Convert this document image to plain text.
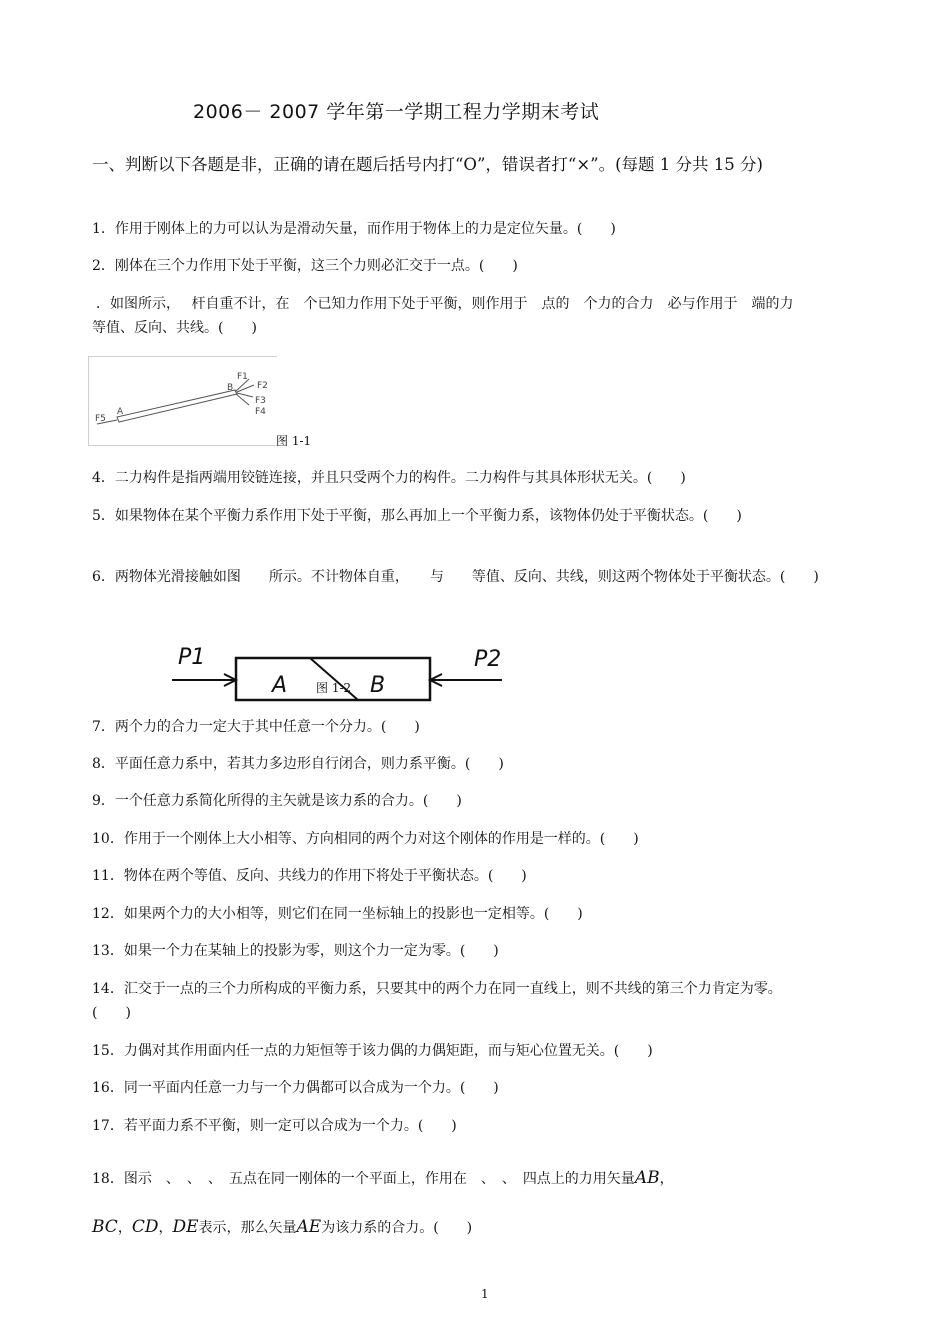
2006－ 2007 学年第一学期工程力学期末考试
一、判断以下各题是非，正确的请在题后括号内打“O”，错误者打“×”。(每题 1 分共 15 分)
1．作用于刚体上的力可以认为是滑动矢量，而作用于物体上的力是定位矢量。(　　)
2．刚体在三个力作用下处于平衡，这三个力则必汇交于一点。(　　)
．如图所示，　 杆自重不计，在　个已知力作用下处于平衡，则作用于　点的　个力的合力　必与作用于　端的力　等值、反向、共线。(　　)
F1
F2
F3
F4
F5
A
B
图 1-1
4．二力构件是指两端用铰链连接，并且只受两个力的构件。二力构件与其具体形状无关。(　　)
5．如果物体在某个平衡力系作用下处于平衡，那么再加上一个平衡力系，该物体仍处于平衡状态。(　　)
6．两物体光滑接触如图　　所示。不计物体自重，　　与　　等值、反向、共线，则这两个物体处于平衡状态。(　　)
P1	P2
A	B
图 1-2
7．两个力的合力一定大于其中任意一个分力。(　　)
8．平面任意力系中，若其力多边形自行闭合，则力系平衡。(　　)
9．一个任意力系简化所得的主矢就是该力系的合力。(　　)
10．作用于一个刚体上大小相等、方向相同的两个力对这个刚体的作用是一样的。(　　)
11．物体在两个等值、反向、共线力的作用下将处于平衡状态。(　　)
12．如果两个力的大小相等，则它们在同一坐标轴上的投影也一定相等。(　　)
13．如果一个力在某轴上的投影为零，则这个力一定为零。(　　)
14．汇交于一点的三个力所构成的平衡力系，只要其中的两个力在同一直线上，则不共线的第三个力肯定为零。(　　)
15．力偶对其作用面内任一点的力矩恒等于该力偶的力偶矩距，而与矩心位置无关。(　　)
16．同一平面内任意一力与一个力偶都可以合成为一个力。(　　)
17．若平面力系不平衡，则一定可以合成为一个力。(　　)
18．图示　、　、　、　五点在同一刚体的一个平面上，作用在　、　、　四点上的力用矢量AB，
BC，CD，DE表示，那么矢量AE为该力系的合力。(　　)
1
